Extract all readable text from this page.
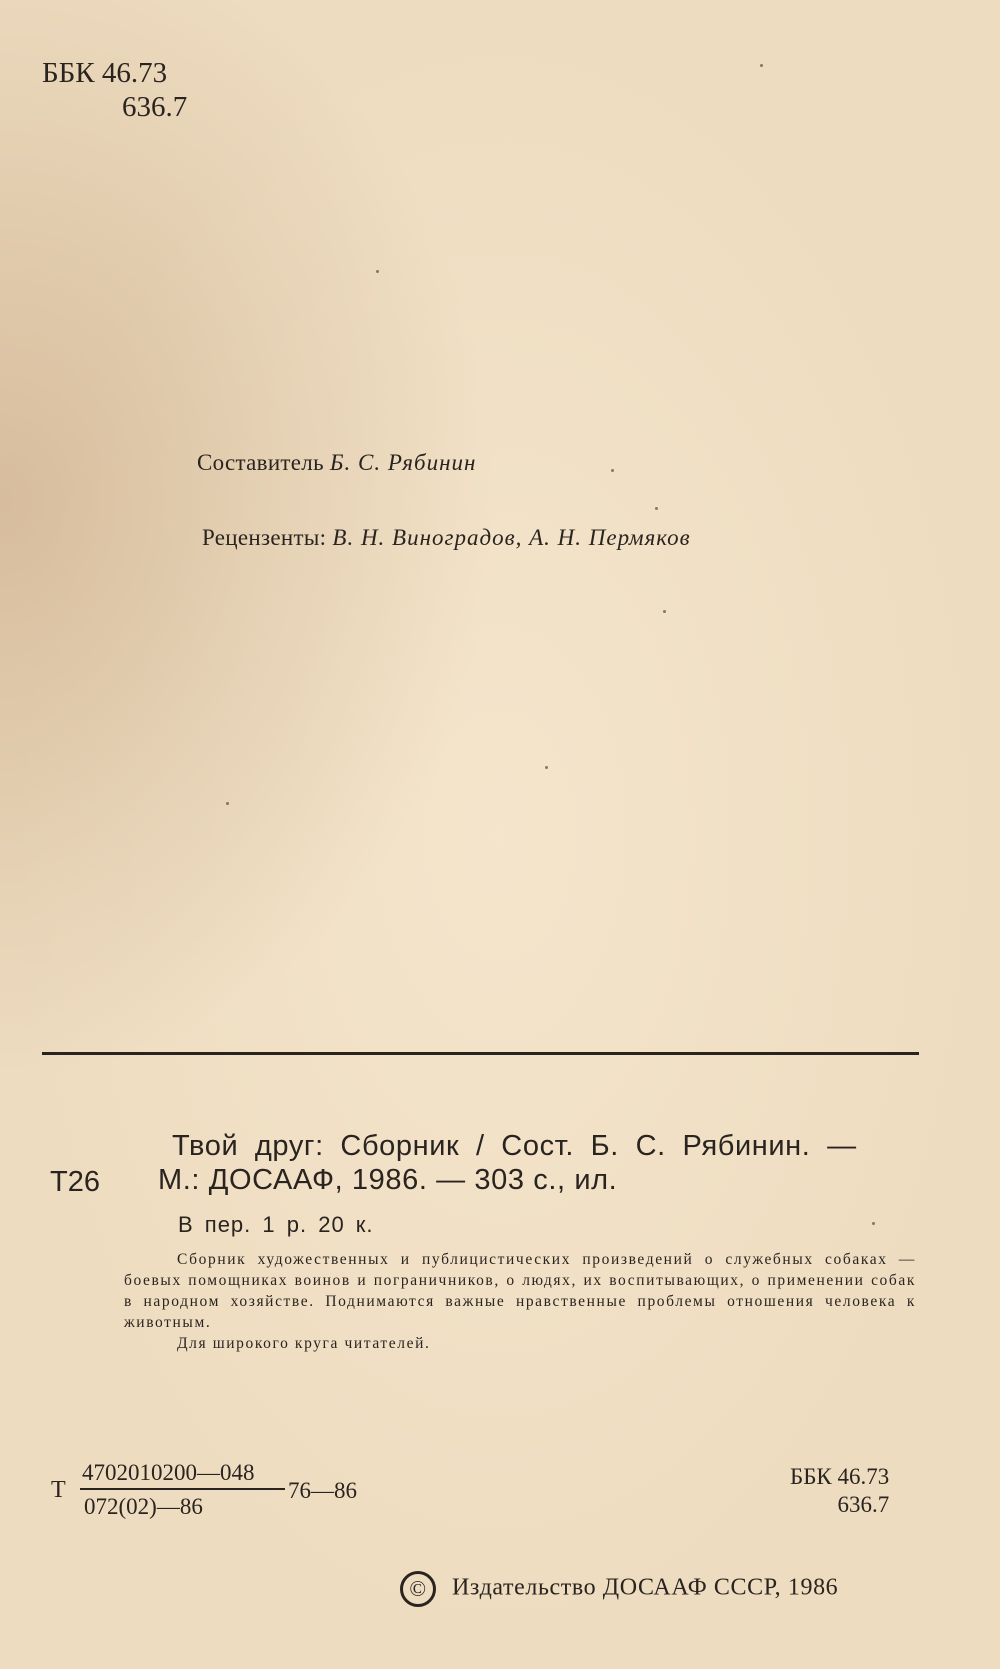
ББК 46.73
636.7
Составитель Б. С. Рябинин
Рецензенты: В. Н. Виноградов, А. Н. Пермяков
Твой друг: Сборник / Сост. Б. С. Рябинин. —
Т26 М.: ДОСААФ, 1986. — 303 с., ил.
В пер. 1 р. 20 к.

Сборник художественных и публицистических произведений о служебных собаках — боевых помощниках воинов и пограничников, о людях, их воспитывающих, о применении собак в народном хозяйстве. Поднимаются важные нравственные проблемы отношения человека к животным.

Для широкого круга читателей.

Т
4702010200—048
072(02)—86
76—86
ББК 46.73
636.7
© Издательство ДОСААФ СССР, 1986
